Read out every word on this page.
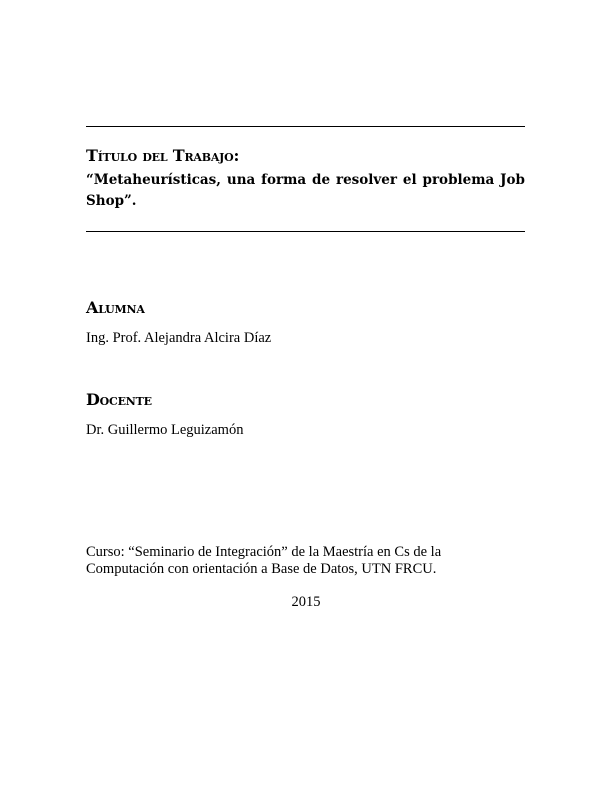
Título del Trabajo:
“Metaheurísticas, una forma de resolver el problema Job Shop”.
Alumna
Ing. Prof. Alejandra Alcira Díaz
Docente
Dr. Guillermo Leguizamón
Curso: “Seminario de Integración” de la Maestría en Cs de la
Computación con orientación a Base de Datos, UTN FRCU.
2015
